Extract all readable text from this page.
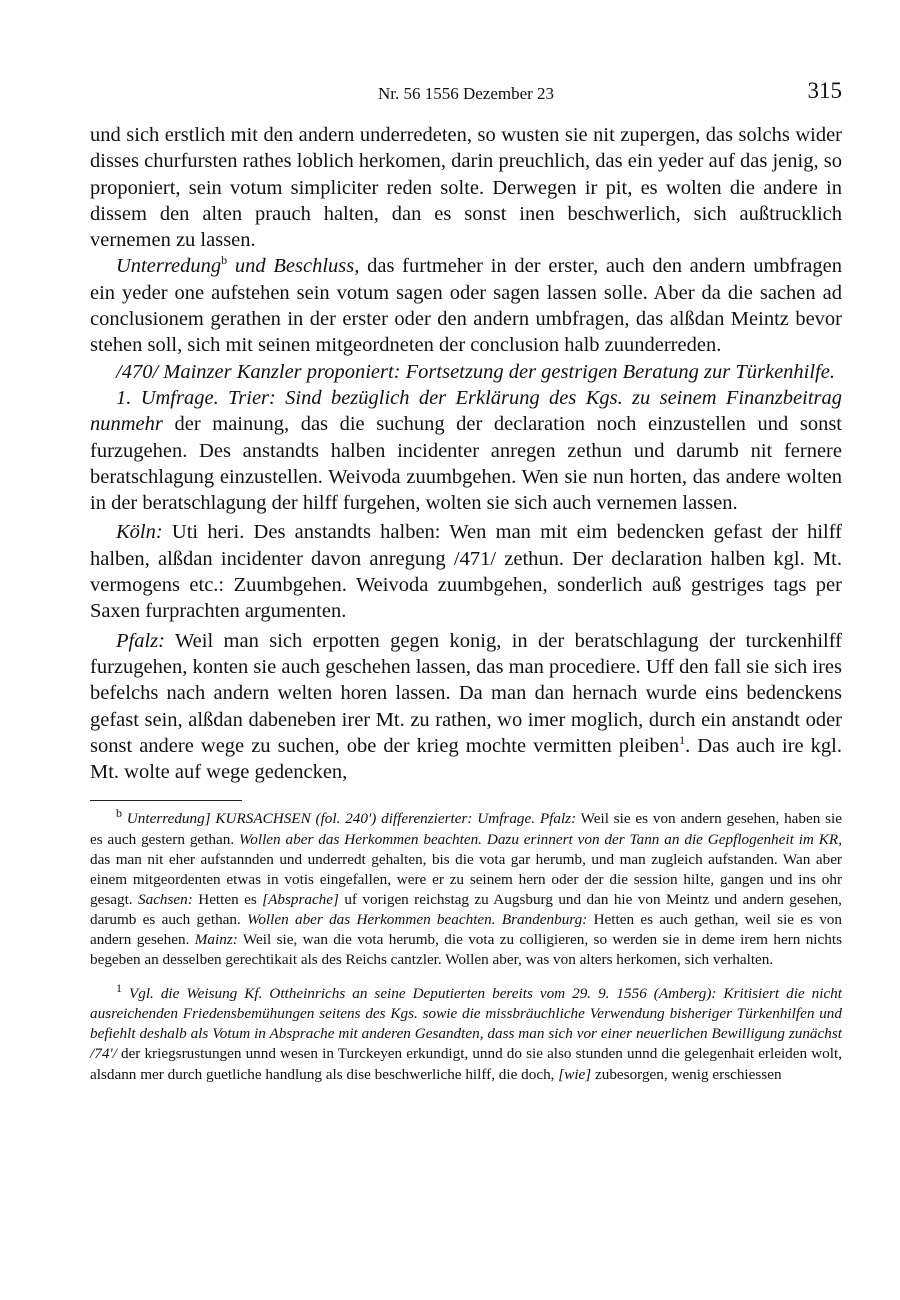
Nr. 56 1556 Dezember 23	315

und sich erstlich mit den andern underredeten, so wusten sie nit zupergen, das solchs wider disses churfursten rathes loblich herkomen, darin preuchlich, das ein yeder auf das jenig, so proponiert, sein votum simpliciter reden solte. Derwegen ir pit, es wolten die andere in dissem den alten prauch halten, dan es sonst inen beschwerlich, sich außtrucklich vernemen zu lassen.

Unterredung$^b$ und Beschluss, das furtmeher in der erster, auch den andern umbfragen ein yeder one aufstehen sein votum sagen oder sagen lassen solle. Aber da die sachen ad conclusionem gerathen in der erster oder den andern umbfragen, das alßdan Meintz bevor stehen soll, sich mit seinen mitgeordneten der conclusion halb zuunderreden.

/470/ Mainzer Kanzler proponiert: Fortsetzung der gestrigen Beratung zur Türkenhilfe.

1. Umfrage. Trier: Sind bezüglich der Erklärung des Kgs. zu seinem Finanzbeitrag nunmehr der mainung, das die suchung der declaration noch einzustellen und sonst furzugehen. Des anstandts halben incidenter anregen zethun und darumb nit fernere beratschlagung einzustellen. Weivoda zuumbgehen. Wen sie nun horten, das andere wolten in der beratschlagung der hilff furgehen, wolten sie sich auch vernemen lassen.

Köln: Uti heri. Des anstandts halben: Wen man mit eim bedencken gefast der hilff halben, alßdan incidenter davon anregung /471/ zethun. Der declaration halben kgl. Mt. vermogens etc.: Zuumbgehen. Weivoda zuumbgehen, sonderlich auß gestriges tags per Saxen furprachten argumenten.

Pfalz: Weil man sich erpotten gegen konig, in der beratschlagung der turckenhilff furzugehen, konten sie auch geschehen lassen, das man procediere. Uff den fall sie sich ires befelchs nach andern welten horen lassen. Da man dan hernach wurde eins bedenckens gefast sein, alßdan dabeneben irer Mt. zu rathen, wo imer moglich, durch ein anstandt oder sonst andere wege zu suchen, obe der krieg mochte vermitten pleiben$^1$. Das auch ire kgl. Mt. wolte auf wege gedencken,

$^b$ Unterredung] KURSACHSEN (fol. 240') differenzierter: Umfrage. Pfalz: Weil sie es von andern gesehen, haben sie es auch gestern gethan. Wollen aber das Herkommen beachten. Dazu erinnert von der Tann an die Gepflogenheit im KR, das man nit eher aufstannden und underredt gehalten, bis die vota gar herumb, und man zugleich aufstanden. Wan aber einem mitgeordenten etwas in votis eingefallen, were er zu seinem hern oder der die session hilte, gangen und ins ohr gesagt. Sachsen: Hetten es [Absprache] uf vorigen reichstag zu Augsburg und dan hie von Meintz und andern gesehen, darumb es auch gethan. Wollen aber das Herkommen beachten. Brandenburg: Hetten es auch gethan, weil sie es von andern gesehen. Mainz: Weil sie, wan die vota herumb, die vota zu colligieren, so werden sie in deme irem hern nichts begeben an desselben gerechtikait als des Reichs cantzler. Wollen aber, was von alters herkomen, sich verhalten.

$^1$ Vgl. die Weisung Kf. Ottheinrichs an seine Deputierten bereits vom 29. 9. 1556 (Amberg): Kritisiert die nicht ausreichenden Friedensbemühungen seitens des Kgs. sowie die missbräuchliche Verwendung bisheriger Türkenhilfen und befiehlt deshalb als Votum in Absprache mit anderen Gesandten, dass man sich vor einer neuerlichen Bewilligung zunächst /74'/ der kriegsrustungen unnd wesen in Turckeyen erkundigt, unnd do sie also stunden unnd die gelegenhait erleiden wolt, alsdann mer durch guetliche handlung als dise beschwerliche hilff, die doch, [wie] zubesorgen, wenig erschiessen
